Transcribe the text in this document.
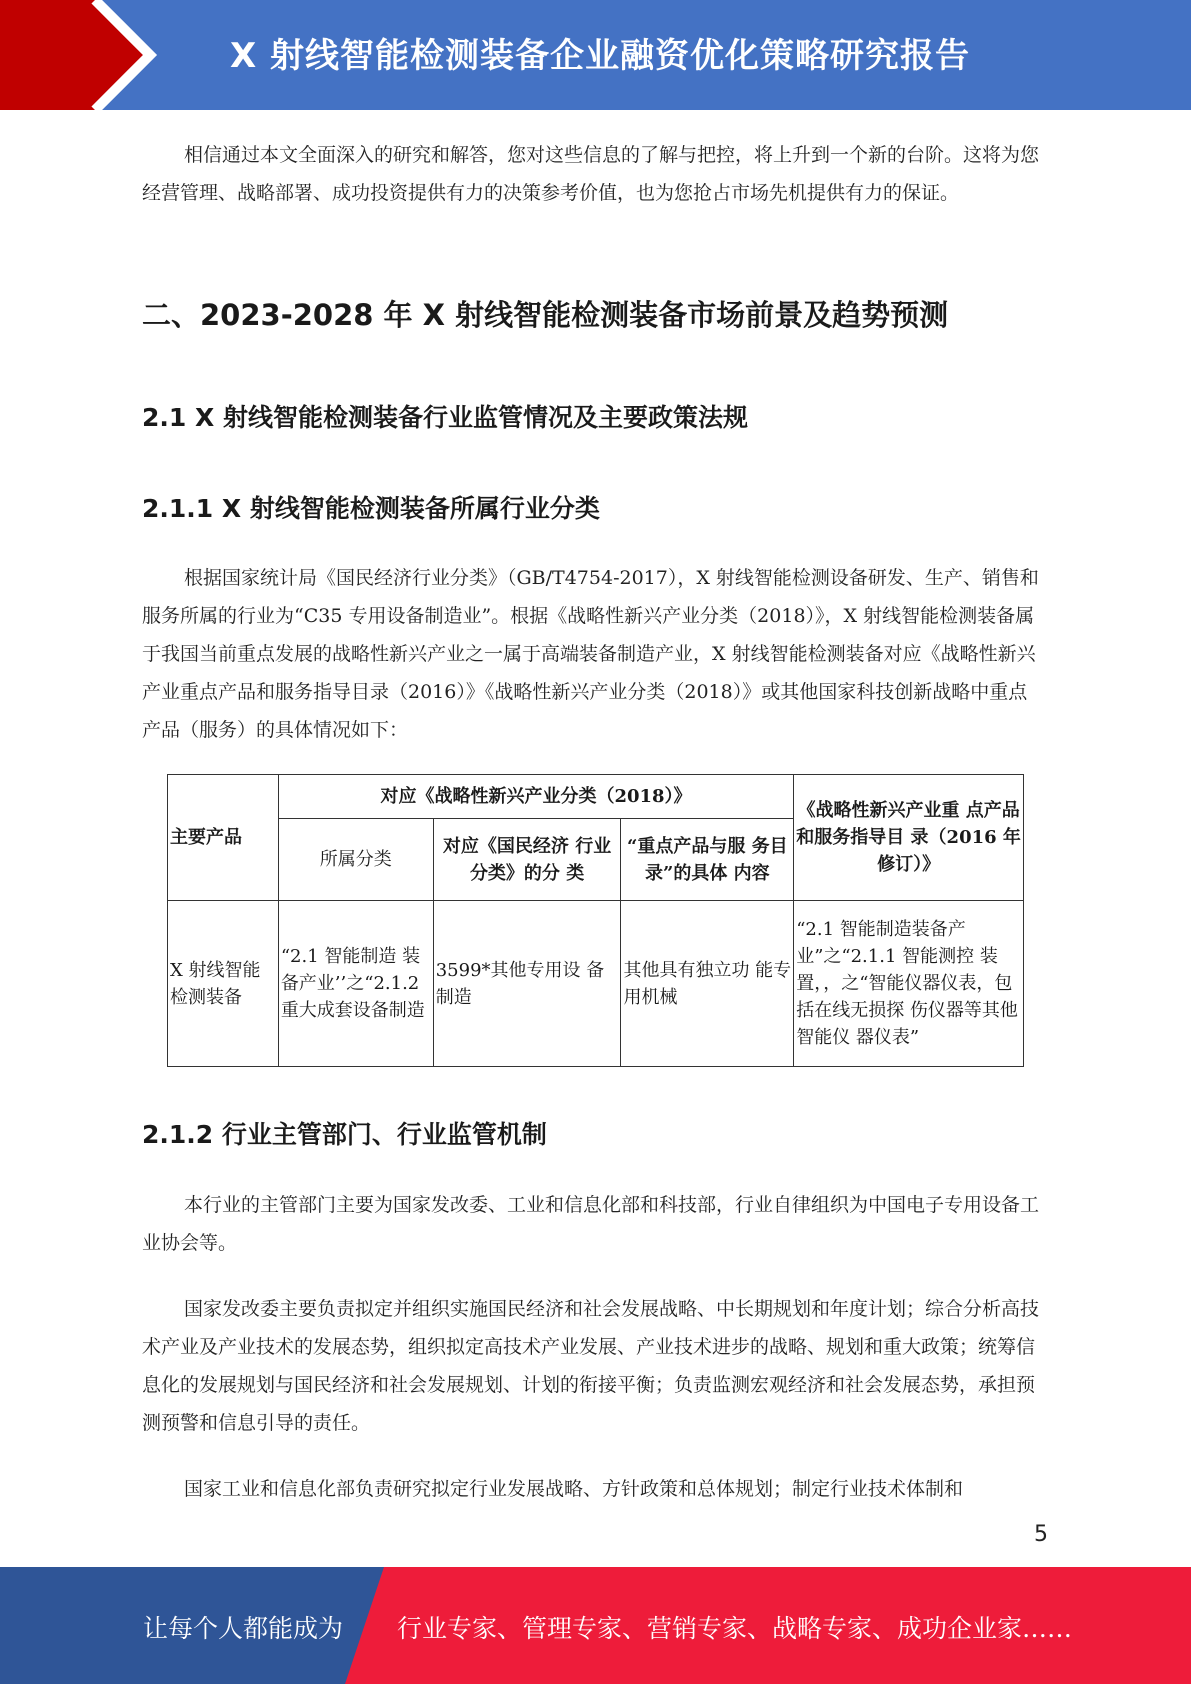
X 射线智能检测装备企业融资优化策略研究报告

相信通过本文全面深入的研究和解答，您对这些信息的了解与把控，将上升到一个新的台阶。这将为您经营管理、战略部署、成功投资提供有力的决策参考价值，也为您抢占市场先机提供有力的保证。

二、2023-2028 年 X 射线智能检测装备市场前景及趋势预测
2.1 X 射线智能检测装备行业监管情况及主要政策法规
2.1.1 X 射线智能检测装备所属行业分类

根据国家统计局《国民经济行业分类》（GB/T4754-2017），X 射线智能检测设备研发、生产、销售和服务所属的行业为“C35 专用设备制造业”。根据《战略性新兴产业分类（2018）》，X 射线智能检测装备属于我国当前重点发展的战略性新兴产业之一属于高端装备制造产业，X 射线智能检测装备对应《战略性新兴产业重点产品和服务指导目录（2016）》《战略性新兴产业分类（2018）》或其他国家科技创新战略中重点产品（服务）的具体情况如下：

主要产品	对应《战略性新兴产业分类（2018）》			《战略性新兴产业重 点产品和服务指导目 录（2016 年修订）》
	所属分类	对应《国民经济 行业分类》的分 类	“重点产品与服 务目录”的具体 内容	
X 射线智能检测装备	“2.1 智能制造 装备产业’’之“2.1.2 重大成套设备制造	3599*其他专用设 备制造	其他具有独立功 能专用机械	“2.1 智能制造装备产 业”之“2.1.1 智能测控 装置，，之“智能仪器仪表，包括在线无损探 伤仪器等其他智能仪 器仪表”
2.1.2 行业主管部门、行业监管机制

本行业的主管部门主要为国家发改委、工业和信息化部和科技部，行业自律组织为中国电子专用设备工业协会等。

国家发改委主要负责拟定并组织实施国民经济和社会发展战略、中长期规划和年度计划；综合分析高技术产业及产业技术的发展态势，组织拟定高技术产业发展、产业技术进步的战略、规划和重大政策；统筹信息化的发展规划与国民经济和社会发展规划、计划的衔接平衡；负责监测宏观经济和社会发展态势，承担预测预警和信息引导的责任。

国家工业和信息化部负责研究拟定行业发展战略、方针政策和总体规划；制定行业技术体制和

5
让每个人都能成为 行业专家、管理专家、营销专家、战略专家、成功企业家……
